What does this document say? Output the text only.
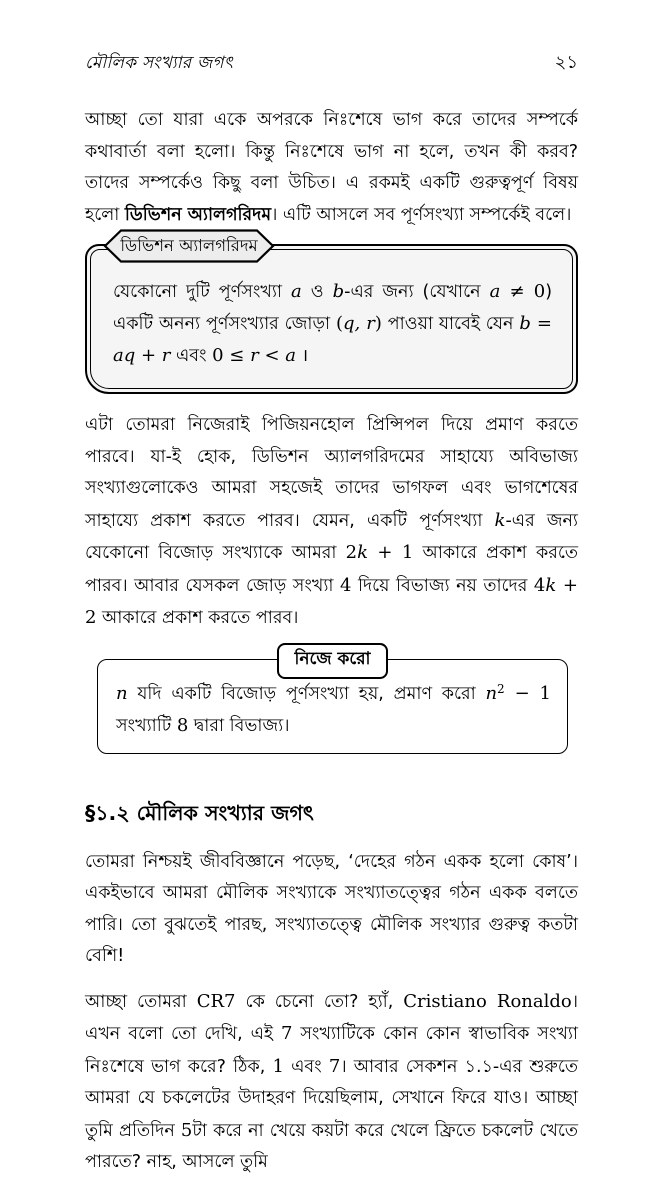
মৌলিক সংখ্যার জগৎ	২১

আচ্ছা তো যারা একে অপরকে নিঃশেষে ভাগ করে তাদের সম্পর্কে কথাবার্তা বলা হলো। কিন্তু নিঃশেষে ভাগ না হলে, তখন কী করব? তাদের সম্পর্কেও কিছু বলা উচিত। এ রকমই একটি গুরুত্বপূর্ণ বিষয় হলো ডিভিশন অ্যালগরিদম। এটি আসলে সব পূর্ণসংখ্যা সম্পর্কেই বলে।

ডিভিশন অ্যালগরিদম

যেকোনো দুটি পূর্ণসংখ্যা a ও b-এর জন্য (যেখানে a ≠ 0) একটি অনন্য পূর্ণসংখ্যার জোড়া (q, r) পাওয়া যাবেই যেন b = aq + r এবং 0 ≤ r < a ।

এটা তোমরা নিজেরাই পিজিয়নহোল প্রিন্সিপল দিয়ে প্রমাণ করতে পারবে। যা-ই হোক, ডিভিশন অ্যালগরিদমের সাহায্যে অবিভাজ্য সংখ্যাগুলোকেও আমরা সহজেই তাদের ভাগফল এবং ভাগশেষের সাহায্যে প্রকাশ করতে পারব। যেমন, একটি পূর্ণসংখ্যা k-এর জন্য যেকোনো বিজোড় সংখ্যাকে আমরা 2k + 1 আকারে প্রকাশ করতে পারব। আবার যেসকল জোড় সংখ্যা 4 দিয়ে বিভাজ্য নয় তাদের 4k + 2 আকারে প্রকাশ করতে পারব।

নিজে করো

n যদি একটি বিজোড় পূর্ণসংখ্যা হয়, প্রমাণ করো $n^2 - 1$ সংখ্যাটি 8 দ্বারা বিভাজ্য।

§১.২ মৌলিক সংখ্যার জগৎ

তোমরা নিশ্চয়ই জীববিজ্ঞানে পড়েছ, ‘দেহের গঠন একক হলো কোষ’। একইভাবে আমরা মৌলিক সংখ্যাকে সংখ্যাতত্ত্বের গঠন একক বলতে পারি। তো বুঝতেই পারছ, সংখ্যাতত্ত্বে মৌলিক সংখ্যার গুরুত্ব কতটা বেশি!

আচ্ছা তোমরা CR7 কে চেনো তো? হ্যাঁ, Cristiano Ronaldo। এখন বলো তো দেখি, এই 7 সংখ্যাটিকে কোন কোন স্বাভাবিক সংখ্যা নিঃশেষে ভাগ করে? ঠিক, 1 এবং 7। আবার সেকশন ১.১-এর শুরুতে আমরা যে চকলেটের উদাহরণ দিয়েছিলাম, সেখানে ফিরে যাও। আচ্ছা তুমি প্রতিদিন 5টা করে না খেয়ে কয়টা করে খেলে ফ্রিতে চকলেট খেতে পারতে? নাহ, আসলে তুমি
